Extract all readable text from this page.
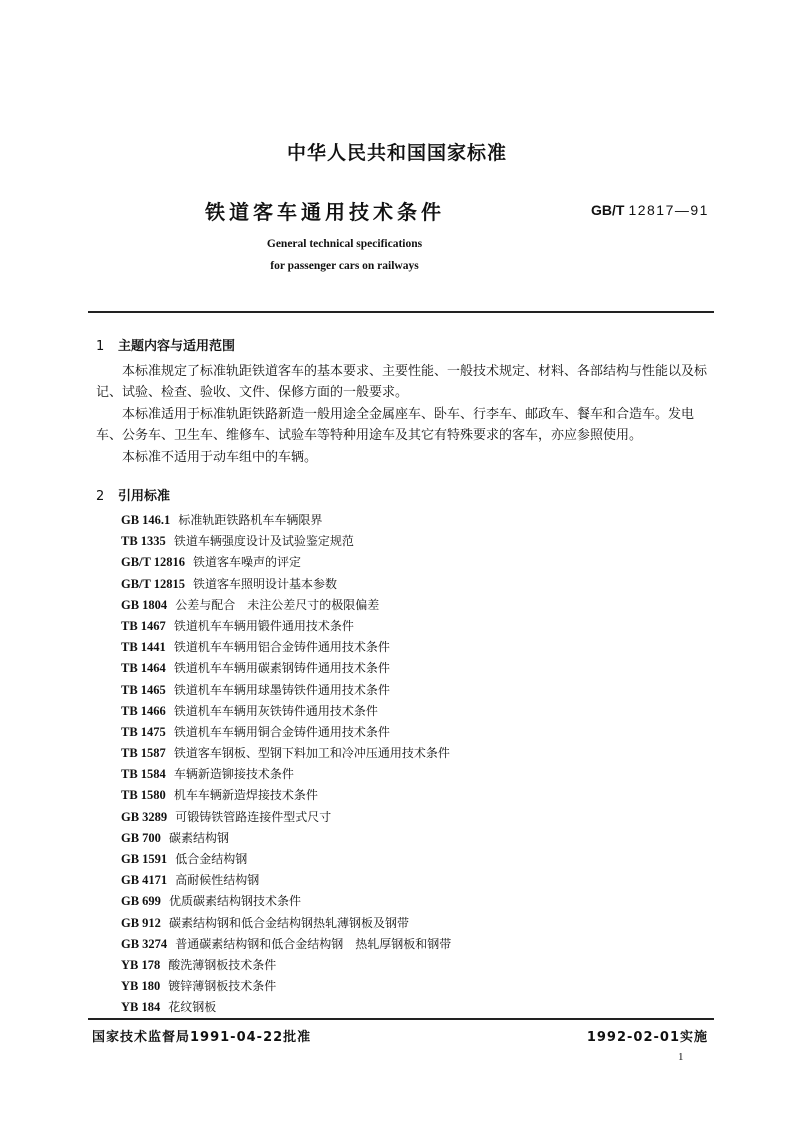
中华人民共和国国家标准
铁道客车通用技术条件	GB/T 12817—91
General technical specifications
for passenger cars on railways
1 主题内容与适用范围
本标准规定了标准轨距铁道客车的基本要求、主要性能、一般技术规定、材料、各部结构与性能以及标记、试验、检查、验收、文件、保修方面的一般要求。
本标准适用于标准轨距铁路新造一般用途全金属座车、卧车、行李车、邮政车、餐车和合造车。发电车、公务车、卫生车、维修车、试验车等特种用途车及其它有特殊要求的客车，亦应参照使用。
本标准不适用于动车组中的车辆。
2 引用标准
GB 146.1 标准轨距铁路机车车辆限界
TB 1335 铁道车辆强度设计及试验鉴定规范
GB/T 12816 铁道客车噪声的评定
GB/T 12815 铁道客车照明设计基本参数
GB 1804 公差与配合　未注公差尺寸的极限偏差
TB 1467 铁道机车车辆用锻件通用技术条件
TB 1441 铁道机车车辆用铝合金铸件通用技术条件
TB 1464 铁道机车车辆用碳素钢铸件通用技术条件
TB 1465 铁道机车车辆用球墨铸铁件通用技术条件
TB 1466 铁道机车车辆用灰铁铸件通用技术条件
TB 1475 铁道机车车辆用铜合金铸件通用技术条件
TB 1587 铁道客车钢板、型钢下料加工和冷冲压通用技术条件
TB 1584 车辆新造铆接技术条件
TB 1580 机车车辆新造焊接技术条件
GB 3289 可锻铸铁管路连接件型式尺寸
GB 700 碳素结构钢
GB 1591 低合金结构钢
GB 4171 高耐候性结构钢
GB 699 优质碳素结构钢技术条件
GB 912 碳素结构钢和低合金结构钢热轧薄钢板及钢带
GB 3274 普通碳素结构钢和低合金结构钢　热轧厚钢板和钢带
YB 178 酸洗薄钢板技术条件
YB 180 镀锌薄钢板技术条件
YB 184 花纹钢板
国家技术监督局1991-04-22批准	1992-02-01实施
1
